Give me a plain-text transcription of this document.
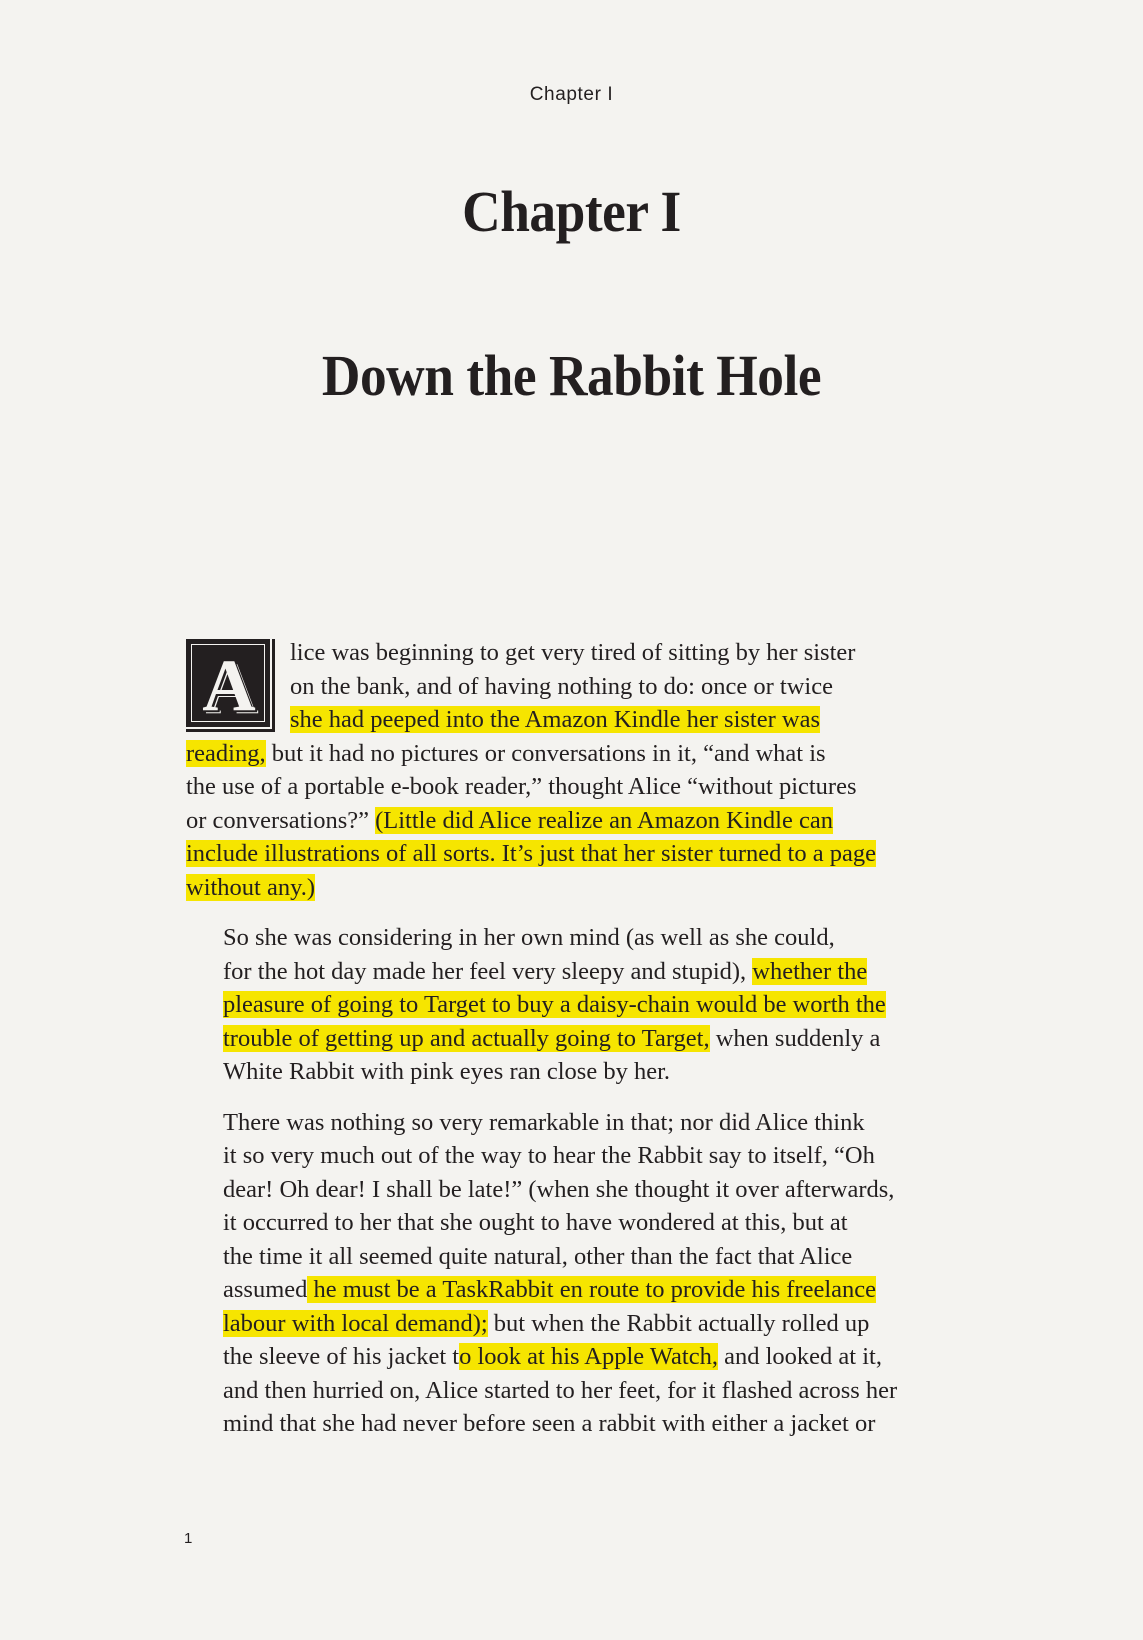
Chapter I
Chapter I
Down the Rabbit Hole
A	lice was beginning to get very tired of sitting by her sister
on the bank, and of having nothing to do: once or twice
she had peeped into the Amazon Kindle her sister was
reading, but it had no pictures or conversations in it, “and what is
the use of a portable e-book reader,” thought Alice “without pictures
or conversations?” (Little did Alice realize an Amazon Kindle can
include illustrations of all sorts. It’s just that her sister turned to a page
without any.)
So she was considering in her own mind (as well as she could,
for the hot day made her feel very sleepy and stupid), whether the
pleasure of going to Target to buy a daisy-chain would be worth the
trouble of getting up and actually going to Target, when suddenly a
White Rabbit with pink eyes ran close by her.
There was nothing so very remarkable in that; nor did Alice think
it so very much out of the way to hear the Rabbit say to itself, “Oh
dear! Oh dear! I shall be late!” (when she thought it over afterwards,
it occurred to her that she ought to have wondered at this, but at
the time it all seemed quite natural, other than the fact that Alice
assumed he must be a TaskRabbit en route to provide his freelance
labour with local demand); but when the Rabbit actually rolled up
the sleeve of his jacket to look at his Apple Watch, and looked at it,
and then hurried on, Alice started to her feet, for it flashed across her
mind that she had never before seen a rabbit with either a jacket or
1
